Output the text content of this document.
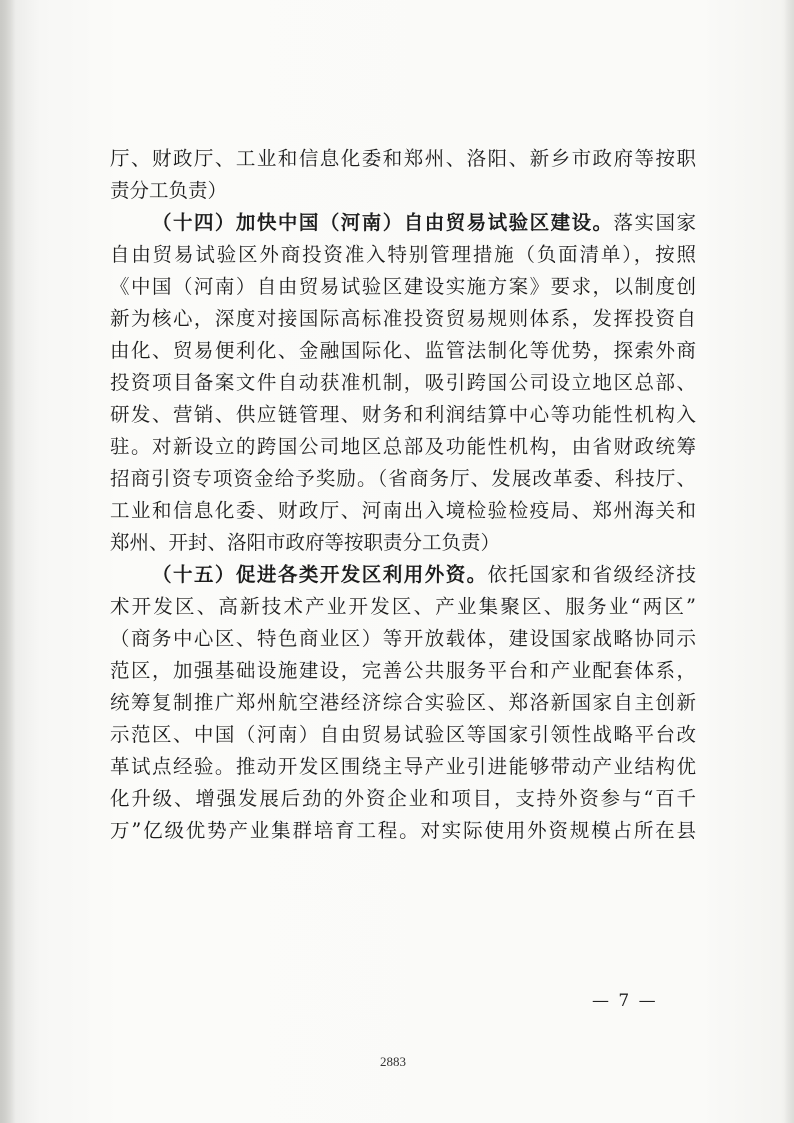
厅、财政厅、工业和信息化委和郑州、洛阳、新乡市政府等按职
责分工负责）
（十四）加快中国（河南）自由贸易试验区建设。落实国家
自由贸易试验区外商投资准入特别管理措施（负面清单），按照
《中国（河南）自由贸易试验区建设实施方案》要求，以制度创
新为核心，深度对接国际高标准投资贸易规则体系，发挥投资自
由化、贸易便利化、金融国际化、监管法制化等优势，探索外商
投资项目备案文件自动获准机制，吸引跨国公司设立地区总部、
研发、营销、供应链管理、财务和利润结算中心等功能性机构入
驻。对新设立的跨国公司地区总部及功能性机构，由省财政统筹
招商引资专项资金给予奖励。（省商务厅、发展改革委、科技厅、
工业和信息化委、财政厅、河南出入境检验检疫局、郑州海关和
郑州、开封、洛阳市政府等按职责分工负责）
（十五）促进各类开发区利用外资。依托国家和省级经济技
术开发区、高新技术产业开发区、产业集聚区、服务业“两区”
（商务中心区、特色商业区）等开放载体，建设国家战略协同示
范区，加强基础设施建设，完善公共服务平台和产业配套体系，
统筹复制推广郑州航空港经济综合实验区、郑洛新国家自主创新
示范区、中国（河南）自由贸易试验区等国家引领性战略平台改
革试点经验。推动开发区围绕主导产业引进能够带动产业结构优
化升级、增强发展后劲的外资企业和项目，支持外资参与“百千
万”亿级优势产业集群培育工程。对实际使用外资规模占所在县
— 7 —
2883
